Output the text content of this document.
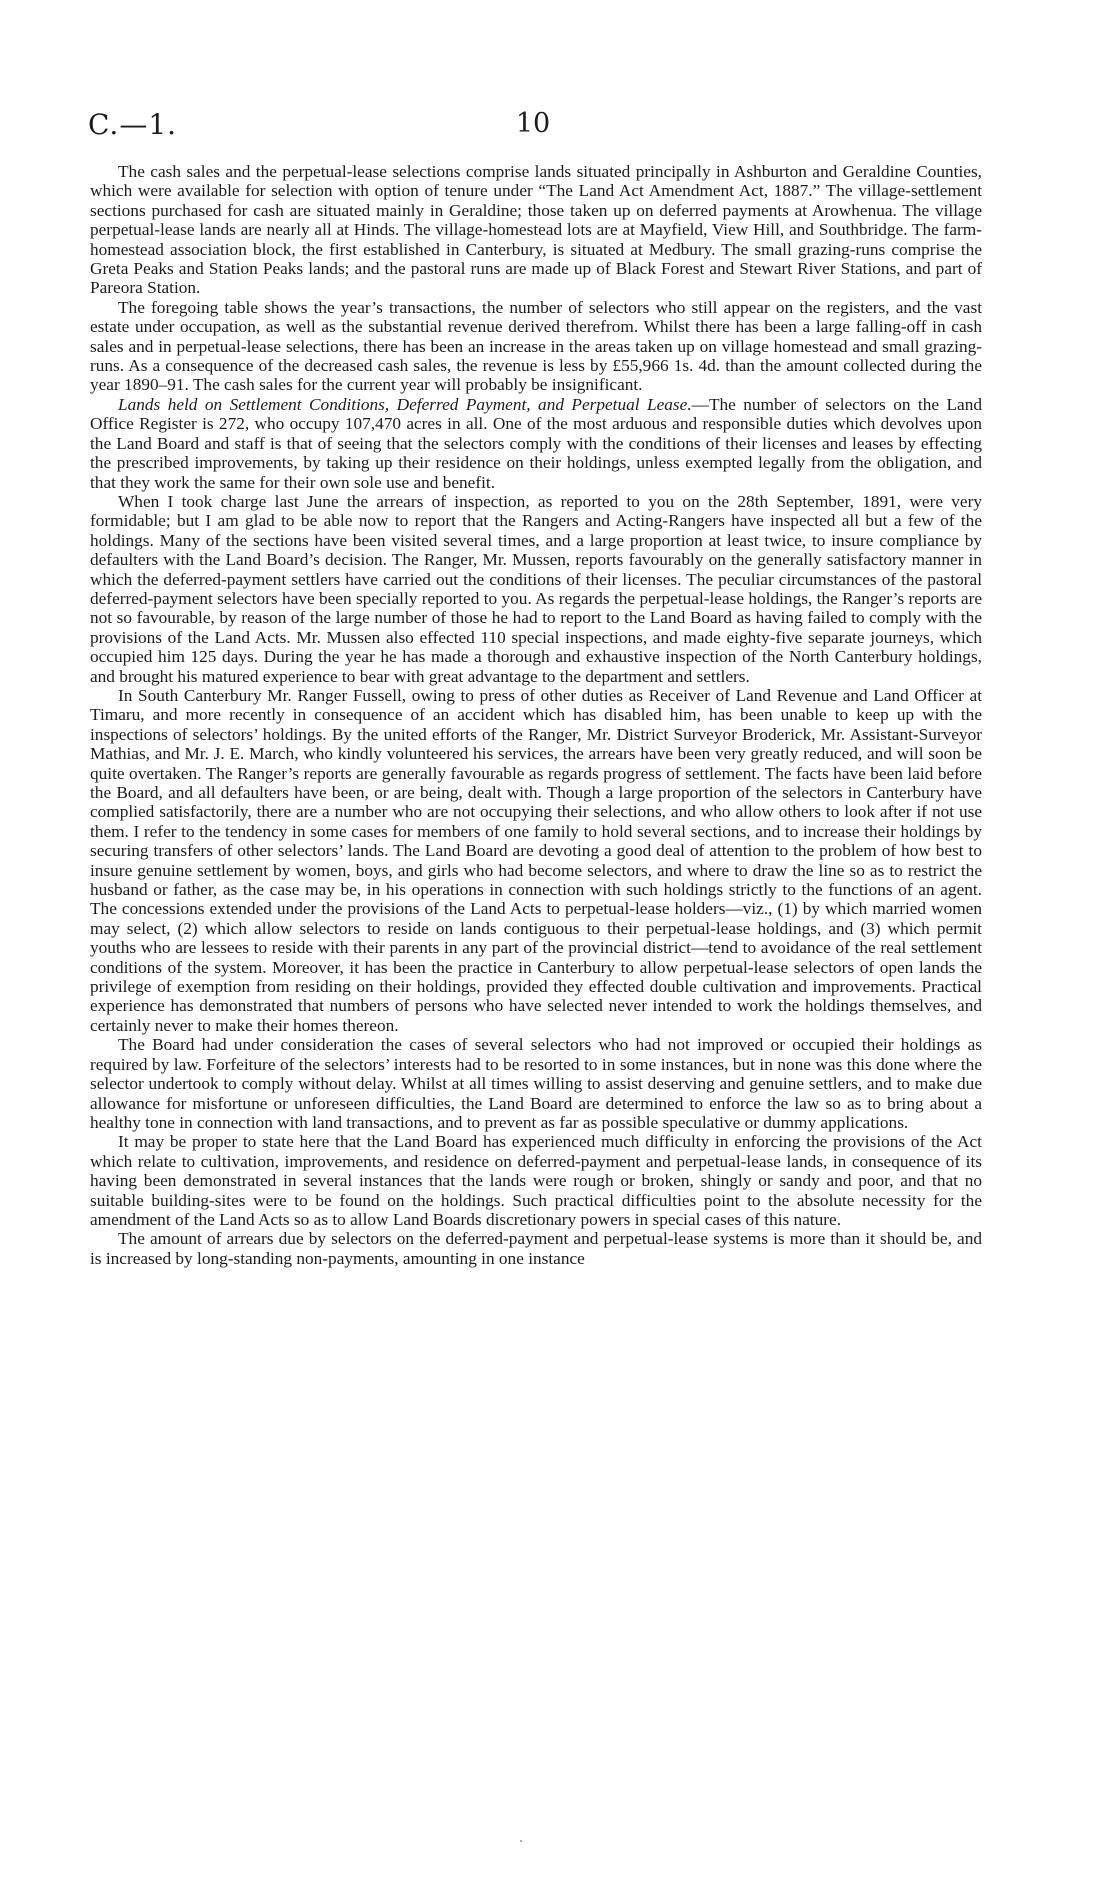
C.—1.	10

The cash sales and the perpetual-lease selections comprise lands situated principally in Ashburton and Geraldine Counties, which were available for selection with option of tenure under “The Land Act Amendment Act, 1887.” The village-settlement sections purchased for cash are situated mainly in Geraldine; those taken up on deferred payments at Arowhenua. The village perpetual-lease lands are nearly all at Hinds. The village-homestead lots are at Mayfield, View Hill, and Southbridge. The farm-homestead association block, the first established in Canterbury, is situated at Medbury. The small grazing-runs comprise the Greta Peaks and Station Peaks lands; and the pastoral runs are made up of Black Forest and Stewart River Stations, and part of Pareora Station.

The foregoing table shows the year’s transactions, the number of selectors who still appear on the registers, and the vast estate under occupation, as well as the substantial revenue derived therefrom. Whilst there has been a large falling-off in cash sales and in perpetual-lease selections, there has been an increase in the areas taken up on village homestead and small grazing-runs. As a consequence of the decreased cash sales, the revenue is less by £55,966 1s. 4d. than the amount collected during the year 1890–91. The cash sales for the current year will probably be insignificant.

Lands held on Settlement Conditions, Deferred Payment, and Perpetual Lease.—The number of selectors on the Land Office Register is 272, who occupy 107,470 acres in all. One of the most arduous and responsible duties which devolves upon the Land Board and staff is that of seeing that the selectors comply with the conditions of their licenses and leases by effecting the prescribed improvements, by taking up their residence on their holdings, unless exempted legally from the obligation, and that they work the same for their own sole use and benefit.

When I took charge last June the arrears of inspection, as reported to you on the 28th September, 1891, were very formidable; but I am glad to be able now to report that the Rangers and Acting-Rangers have inspected all but a few of the holdings. Many of the sections have been visited several times, and a large proportion at least twice, to insure compliance by defaulters with the Land Board’s decision. The Ranger, Mr. Mussen, reports favourably on the generally satisfactory manner in which the deferred-payment settlers have carried out the conditions of their licenses. The peculiar circumstances of the pastoral deferred-payment selectors have been specially reported to you. As regards the perpetual-lease holdings, the Ranger’s reports are not so favourable, by reason of the large number of those he had to report to the Land Board as having failed to comply with the provisions of the Land Acts. Mr. Mussen also effected 110 special inspections, and made eighty-five separate journeys, which occupied him 125 days. During the year he has made a thorough and exhaustive inspection of the North Canterbury holdings, and brought his matured experience to bear with great advantage to the department and settlers.

In South Canterbury Mr. Ranger Fussell, owing to press of other duties as Receiver of Land Revenue and Land Officer at Timaru, and more recently in consequence of an accident which has disabled him, has been unable to keep up with the inspections of selectors’ holdings. By the united efforts of the Ranger, Mr. District Surveyor Broderick, Mr. Assistant-Surveyor Mathias, and Mr. J. E. March, who kindly volunteered his services, the arrears have been very greatly reduced, and will soon be quite overtaken. The Ranger’s reports are generally favourable as regards progress of settlement. The facts have been laid before the Board, and all defaulters have been, or are being, dealt with. Though a large proportion of the selectors in Canterbury have complied satisfactorily, there are a number who are not occupying their selections, and who allow others to look after if not use them. I refer to the tendency in some cases for members of one family to hold several sections, and to increase their holdings by securing transfers of other selectors’ lands. The Land Board are devoting a good deal of attention to the problem of how best to insure genuine settlement by women, boys, and girls who had become selectors, and where to draw the line so as to restrict the husband or father, as the case may be, in his operations in connection with such holdings strictly to the functions of an agent. The concessions extended under the provisions of the Land Acts to perpetual-lease holders—viz., (1) by which married women may select, (2) which allow selectors to reside on lands contiguous to their perpetual-lease holdings, and (3) which permit youths who are lessees to reside with their parents in any part of the provincial district—tend to avoidance of the real settlement conditions of the system. Moreover, it has been the practice in Canterbury to allow perpetual-lease selectors of open lands the privilege of exemption from residing on their holdings, provided they effected double cultivation and improvements. Practical experience has demonstrated that numbers of persons who have selected never intended to work the holdings themselves, and certainly never to make their homes thereon.

The Board had under consideration the cases of several selectors who had not improved or occupied their holdings as required by law. Forfeiture of the selectors’ interests had to be resorted to in some instances, but in none was this done where the selector undertook to comply without delay. Whilst at all times willing to assist deserving and genuine settlers, and to make due allowance for misfortune or unforeseen difficulties, the Land Board are determined to enforce the law so as to bring about a healthy tone in connection with land transactions, and to prevent as far as possible speculative or dummy applications.

It may be proper to state here that the Land Board has experienced much difficulty in enforcing the provisions of the Act which relate to cultivation, improvements, and residence on deferred-payment and perpetual-lease lands, in consequence of its having been demonstrated in several instances that the lands were rough or broken, shingly or sandy and poor, and that no suitable building-sites were to be found on the holdings. Such practical difficulties point to the absolute necessity for the amendment of the Land Acts so as to allow Land Boards discretionary powers in special cases of this nature.

The amount of arrears due by selectors on the deferred-payment and perpetual-lease systems is more than it should be, and is increased by long-standing non-payments, amounting in one instance
